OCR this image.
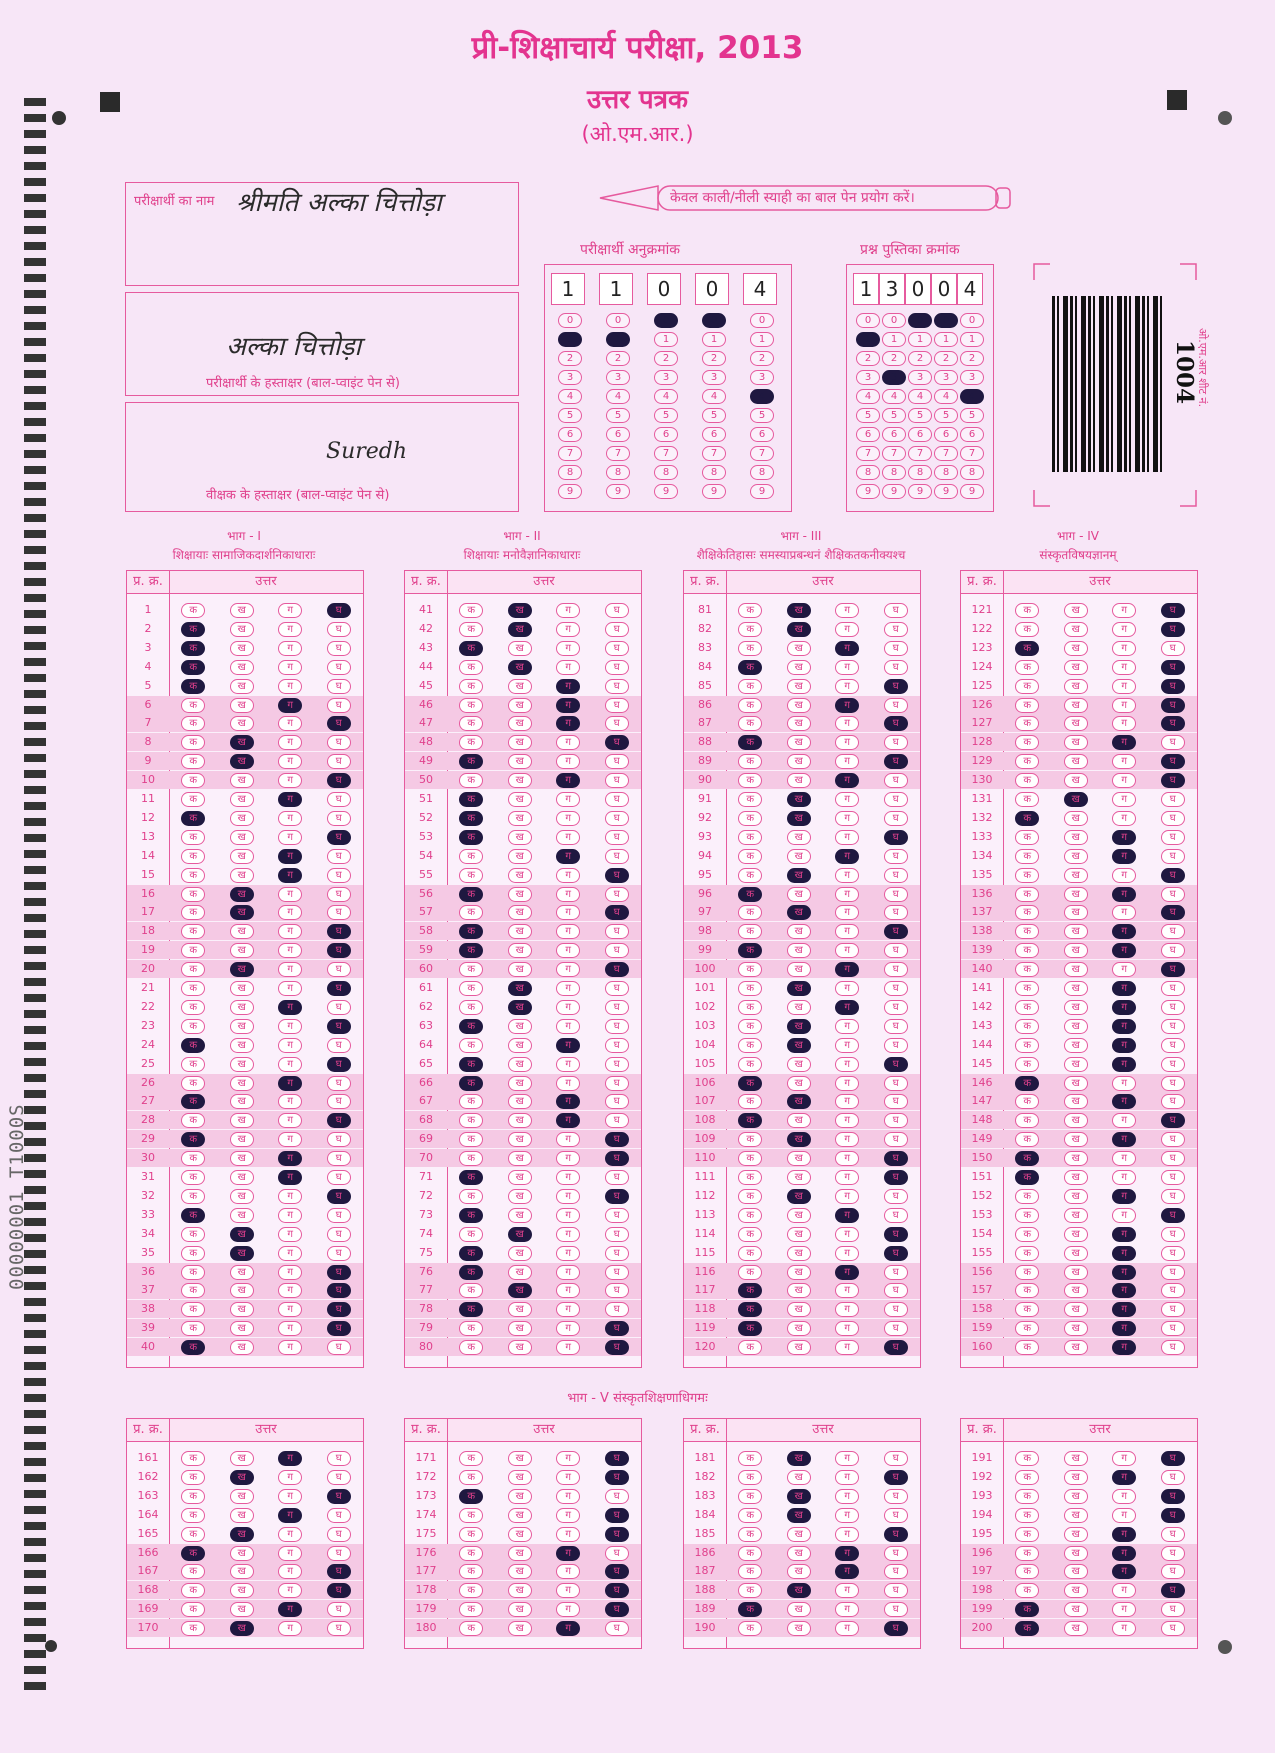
प्री-शिक्षाचार्य परीक्षा, 2013
उत्तर पत्रक
(ओ.एम.आर.)
00000001 T1000S
परीक्षार्थी का नाम श्रीमति अल्का चित्तोड़ा
अल्का चित्तोड़ा
परीक्षार्थी के हस्ताक्षर (बाल-प्वाइंट पेन से)
Suredh
वीक्षक के हस्ताक्षर (बाल-प्वाइंट पेन से)
केवल काली/नीली स्याही का बाल पेन प्रयोग करें।
परीक्षार्थी अनुक्रमांक
1
0
1
2
3
4
5
6
7
8
9
1
0
1
2
3
4
5
6
7
8
9
0
0
1
2
3
4
5
6
7
8
9
0
0
1
2
3
4
5
6
7
8
9
4
0
1
2
3
4
5
6
7
8
9
प्रश्न पुस्तिका क्रमांक
1
0
1
2
3
4
5
6
7
8
9
3
0
1
2
3
4
5
6
7
8
9
0
0
1
2
3
4
5
6
7
8
9
0
0
1
2
3
4
5
6
7
8
9
4
0
1
2
3
4
5
6
7
8
9
1004
ओ.एम.आर शीट नं.
भाग - I
शिक्षायाः सामाजिकदार्शनिकाधाराः
प्र. क्र.	उत्तर
1	क	ख	ग	घ
2	क	ख	ग	घ
3	क	ख	ग	घ
4	क	ख	ग	घ
5	क	ख	ग	घ
6	क	ख	ग	घ
7	क	ख	ग	घ
8	क	ख	ग	घ
9	क	ख	ग	घ
10	क	ख	ग	घ
11	क	ख	ग	घ
12	क	ख	ग	घ
13	क	ख	ग	घ
14	क	ख	ग	घ
15	क	ख	ग	घ
16	क	ख	ग	घ
17	क	ख	ग	घ
18	क	ख	ग	घ
19	क	ख	ग	घ
20	क	ख	ग	घ
21	क	ख	ग	घ
22	क	ख	ग	घ
23	क	ख	ग	घ
24	क	ख	ग	घ
25	क	ख	ग	घ
26	क	ख	ग	घ
27	क	ख	ग	घ
28	क	ख	ग	घ
29	क	ख	ग	घ
30	क	ख	ग	घ
31	क	ख	ग	घ
32	क	ख	ग	घ
33	क	ख	ग	घ
34	क	ख	ग	घ
35	क	ख	ग	घ
36	क	ख	ग	घ
37	क	ख	ग	घ
38	क	ख	ग	घ
39	क	ख	ग	घ
40	क	ख	ग	घ
भाग - II
शिक्षायाः मनोवैज्ञानिकाधाराः
प्र. क्र.	उत्तर
41	क	ख	ग	घ
42	क	ख	ग	घ
43	क	ख	ग	घ
44	क	ख	ग	घ
45	क	ख	ग	घ
46	क	ख	ग	घ
47	क	ख	ग	घ
48	क	ख	ग	घ
49	क	ख	ग	घ
50	क	ख	ग	घ
51	क	ख	ग	घ
52	क	ख	ग	घ
53	क	ख	ग	घ
54	क	ख	ग	घ
55	क	ख	ग	घ
56	क	ख	ग	घ
57	क	ख	ग	घ
58	क	ख	ग	घ
59	क	ख	ग	घ
60	क	ख	ग	घ
61	क	ख	ग	घ
62	क	ख	ग	घ
63	क	ख	ग	घ
64	क	ख	ग	घ
65	क	ख	ग	घ
66	क	ख	ग	घ
67	क	ख	ग	घ
68	क	ख	ग	घ
69	क	ख	ग	घ
70	क	ख	ग	घ
71	क	ख	ग	घ
72	क	ख	ग	घ
73	क	ख	ग	घ
74	क	ख	ग	घ
75	क	ख	ग	घ
76	क	ख	ग	घ
77	क	ख	ग	घ
78	क	ख	ग	घ
79	क	ख	ग	घ
80	क	ख	ग	घ
भाग - III
शैक्षिकेतिहासः समस्याप्रबन्धनं शैक्षिकतकनीक्यश्च
प्र. क्र.	उत्तर
81	क	ख	ग	घ
82	क	ख	ग	घ
83	क	ख	ग	घ
84	क	ख	ग	घ
85	क	ख	ग	घ
86	क	ख	ग	घ
87	क	ख	ग	घ
88	क	ख	ग	घ
89	क	ख	ग	घ
90	क	ख	ग	घ
91	क	ख	ग	घ
92	क	ख	ग	घ
93	क	ख	ग	घ
94	क	ख	ग	घ
95	क	ख	ग	घ
96	क	ख	ग	घ
97	क	ख	ग	घ
98	क	ख	ग	घ
99	क	ख	ग	घ
100	क	ख	ग	घ
101	क	ख	ग	घ
102	क	ख	ग	घ
103	क	ख	ग	घ
104	क	ख	ग	घ
105	क	ख	ग	घ
106	क	ख	ग	घ
107	क	ख	ग	घ
108	क	ख	ग	घ
109	क	ख	ग	घ
110	क	ख	ग	घ
111	क	ख	ग	घ
112	क	ख	ग	घ
113	क	ख	ग	घ
114	क	ख	ग	घ
115	क	ख	ग	घ
116	क	ख	ग	घ
117	क	ख	ग	घ
118	क	ख	ग	घ
119	क	ख	ग	घ
120	क	ख	ग	घ
भाग - IV
संस्कृतविषयज्ञानम्
प्र. क्र.	उत्तर
121	क	ख	ग	घ
122	क	ख	ग	घ
123	क	ख	ग	घ
124	क	ख	ग	घ
125	क	ख	ग	घ
126	क	ख	ग	घ
127	क	ख	ग	घ
128	क	ख	ग	घ
129	क	ख	ग	घ
130	क	ख	ग	घ
131	क	ख	ग	घ
132	क	ख	ग	घ
133	क	ख	ग	घ
134	क	ख	ग	घ
135	क	ख	ग	घ
136	क	ख	ग	घ
137	क	ख	ग	घ
138	क	ख	ग	घ
139	क	ख	ग	घ
140	क	ख	ग	घ
141	क	ख	ग	घ
142	क	ख	ग	घ
143	क	ख	ग	घ
144	क	ख	ग	घ
145	क	ख	ग	घ
146	क	ख	ग	घ
147	क	ख	ग	घ
148	क	ख	ग	घ
149	क	ख	ग	घ
150	क	ख	ग	घ
151	क	ख	ग	घ
152	क	ख	ग	घ
153	क	ख	ग	घ
154	क	ख	ग	घ
155	क	ख	ग	घ
156	क	ख	ग	घ
157	क	ख	ग	घ
158	क	ख	ग	घ
159	क	ख	ग	घ
160	क	ख	ग	घ
भाग - V संस्कृतशिक्षणाधिगमः
प्र. क्र.	उत्तर
161	क	ख	ग	घ
162	क	ख	ग	घ
163	क	ख	ग	घ
164	क	ख	ग	घ
165	क	ख	ग	घ
166	क	ख	ग	घ
167	क	ख	ग	घ
168	क	ख	ग	घ
169	क	ख	ग	घ
170	क	ख	ग	घ
प्र. क्र.	उत्तर
171	क	ख	ग	घ
172	क	ख	ग	घ
173	क	ख	ग	घ
174	क	ख	ग	घ
175	क	ख	ग	घ
176	क	ख	ग	घ
177	क	ख	ग	घ
178	क	ख	ग	घ
179	क	ख	ग	घ
180	क	ख	ग	घ
प्र. क्र.	उत्तर
181	क	ख	ग	घ
182	क	ख	ग	घ
183	क	ख	ग	घ
184	क	ख	ग	घ
185	क	ख	ग	घ
186	क	ख	ग	घ
187	क	ख	ग	घ
188	क	ख	ग	घ
189	क	ख	ग	घ
190	क	ख	ग	घ
प्र. क्र.	उत्तर
191	क	ख	ग	घ
192	क	ख	ग	घ
193	क	ख	ग	घ
194	क	ख	ग	घ
195	क	ख	ग	घ
196	क	ख	ग	घ
197	क	ख	ग	घ
198	क	ख	ग	घ
199	क	ख	ग	घ
200	क	ख	ग	घ
